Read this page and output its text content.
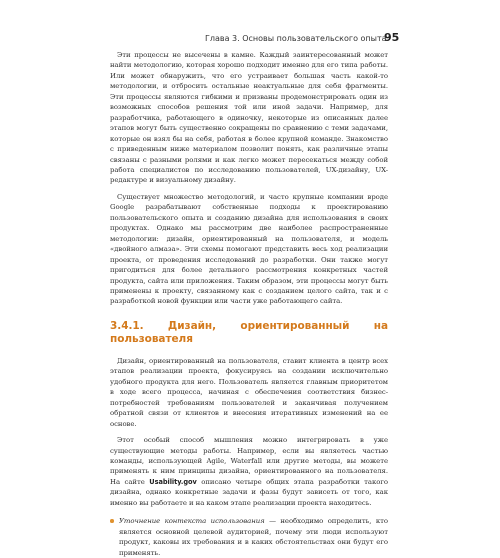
Глава 3. Основы пользовательского опыта
95

Эти процессы не высечены в камне. Каждый заинтересованный может найти методологию, которая хорошо подходит именно для его типа работы. Или может обнаружить, что его устраивает большая часть какой-то методологии, и отбросить остальные неактуальные для себя фрагменты. Эти процессы являются гибкими и призваны продемонстрировать один из возможных способов решения той или иной задачи. Например, для разработчика, работающего в одиночку, некоторые из описанных далее этапов могут быть существенно сокращены по сравнению с теми задачами, которые он взял бы на себя, работая в более крупной команде. Знакомство с приведенным ниже материалом позволит понять, как различные этапы связаны с разными ролями и как легко может пересекаться между собой работа специалистов по исследованию пользователей, UX-дизайну, UX-редактуре и визуальному дизайну.

Существует множество методологий, и часто крупные компании вроде Google разрабатывают собственные подходы к проектированию пользовательского опыта и созданию дизайна для использования в своих продуктах. Однако мы рассмотрим две наиболее распространенные методологии: дизайн, ориентированный на пользователя, и модель «двойного алмаза». Эти схемы помогают представить весь ход реализации проекта, от проведения исследований до разработки. Они также могут пригодиться для более детального рассмотрения конкретных частей продукта, сайта или приложения. Таким образом, эти процессы могут быть применены к проекту, связанному как с созданием целого сайта, так и с разработкой новой функции или части уже работающего сайта.

3.4.1. Дизайн, ориентированный на пользователя

Дизайн, ориентированный на пользователя, ставит клиента в центр всех этапов реализации проекта, фокусируясь на создании исключительно удобного продукта для него. Пользователь является главным приоритетом в ходе всего процесса, начиная с обеспечения соответствия бизнес-потребностей требованиям пользователей и заканчивая получением обратной связи от клиентов и внесения итеративных изменений на ее основе.

Этот особый способ мышления можно интегрировать в уже существующие методы работы. Например, если вы являетесь частью команды, использующей Agile, Waterfall или другие методы, вы можете применять к ним принципы дизайна, ориентированного на пользователя. На сайте Usability.gov описано четыре общих этапа разработки такого дизайна, однако конкретные задачи и фазы будут зависеть от того, как именно вы работаете и на каком этапе реализации проекта находитесь.

Уточнение контекста использования — необходимо определить, кто является основной целевой аудиторией, почему эти люди используют продукт, каковы их требования и в каких обстоятельствах они будут его применять.
